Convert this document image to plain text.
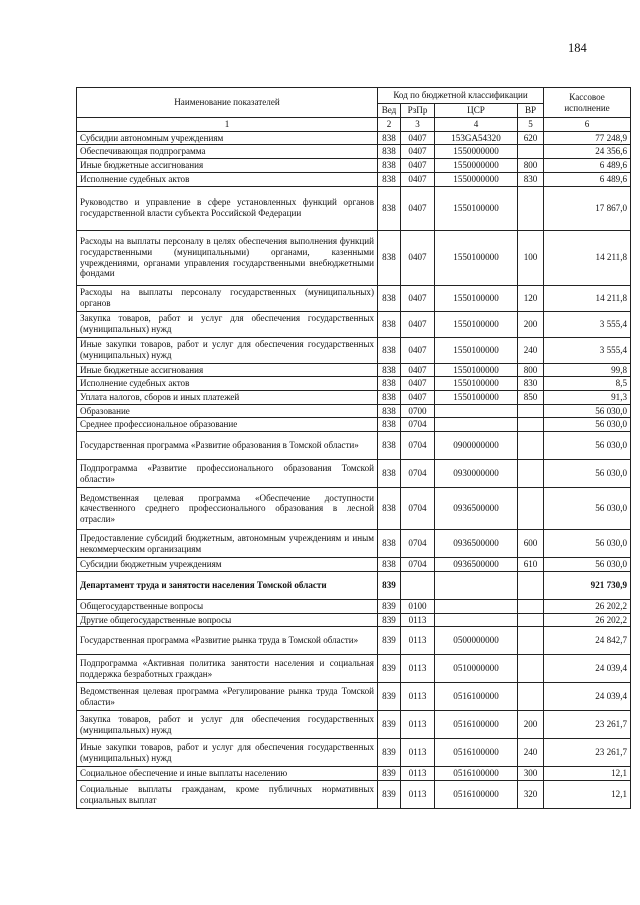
184
Наименование показателей	Код по бюджетной классификации				Кассовое исполнение
	Вед	РзПр	ЦСР	ВР	
1	2	3	4	5	6
Субсидии автономным учреждениям	838	0407	153GA54320	620	77 248,9
Обеспечивающая подпрограмма	838	0407	1550000000		24 356,6
Иные бюджетные ассигнования	838	0407	1550000000	800	6 489,6
Исполнение судебных актов	838	0407	1550000000	830	6 489,6
Руководство и управление в сфере установленных функций органов государственной власти субъекта Российской Федерации	838	0407	1550100000		17 867,0
Расходы на выплаты персоналу в целях обеспечения выполнения функций государственными (муниципальными) органами, казенными учреждениями, органами управления государственными внебюджетными фондами	838	0407	1550100000	100	14 211,8
Расходы на выплаты персоналу государственных (муниципальных) органов	838	0407	1550100000	120	14 211,8
Закупка товаров, работ и услуг для обеспечения государственных (муниципальных) нужд	838	0407	1550100000	200	3 555,4
Иные закупки товаров, работ и услуг для обеспечения государственных (муниципальных) нужд	838	0407	1550100000	240	3 555,4
Иные бюджетные ассигнования	838	0407	1550100000	800	99,8
Исполнение судебных актов	838	0407	1550100000	830	8,5
Уплата налогов, сборов и иных платежей	838	0407	1550100000	850	91,3
Образование	838	0700			56 030,0
Среднее профессиональное образование	838	0704			56 030,0
Государственная программа «Развитие образования в Томской области»	838	0704	0900000000		56 030,0
Подпрограмма «Развитие профессионального образования Томской области»	838	0704	0930000000		56 030,0
Ведомственная целевая программа «Обеспечение доступности качественного среднего профессионального образования в лесной отрасли»	838	0704	0936500000		56 030,0
Предоставление субсидий бюджетным, автономным учреждениям и иным некоммерческим организациям	838	0704	0936500000	600	56 030,0
Субсидии бюджетным учреждениям	838	0704	0936500000	610	56 030,0
Департамент труда и занятости населения Томской области	839				921 730,9
Общегосударственные вопросы	839	0100			26 202,2
Другие общегосударственные вопросы	839	0113			26 202,2
Государственная программа «Развитие рынка труда в Томской области»	839	0113	0500000000		24 842,7
Подпрограмма «Активная политика занятости населения и социальная поддержка безработных граждан»	839	0113	0510000000		24 039,4
Ведомственная целевая программа «Регулирование рынка труда Томской области»	839	0113	0516100000		24 039,4
Закупка товаров, работ и услуг для обеспечения государственных (муниципальных) нужд	839	0113	0516100000	200	23 261,7
Иные закупки товаров, работ и услуг для обеспечения государственных (муниципальных) нужд	839	0113	0516100000	240	23 261,7
Социальное обеспечение и иные выплаты населению	839	0113	0516100000	300	12,1
Социальные выплаты гражданам, кроме публичных нормативных социальных выплат	839	0113	0516100000	320	12,1
